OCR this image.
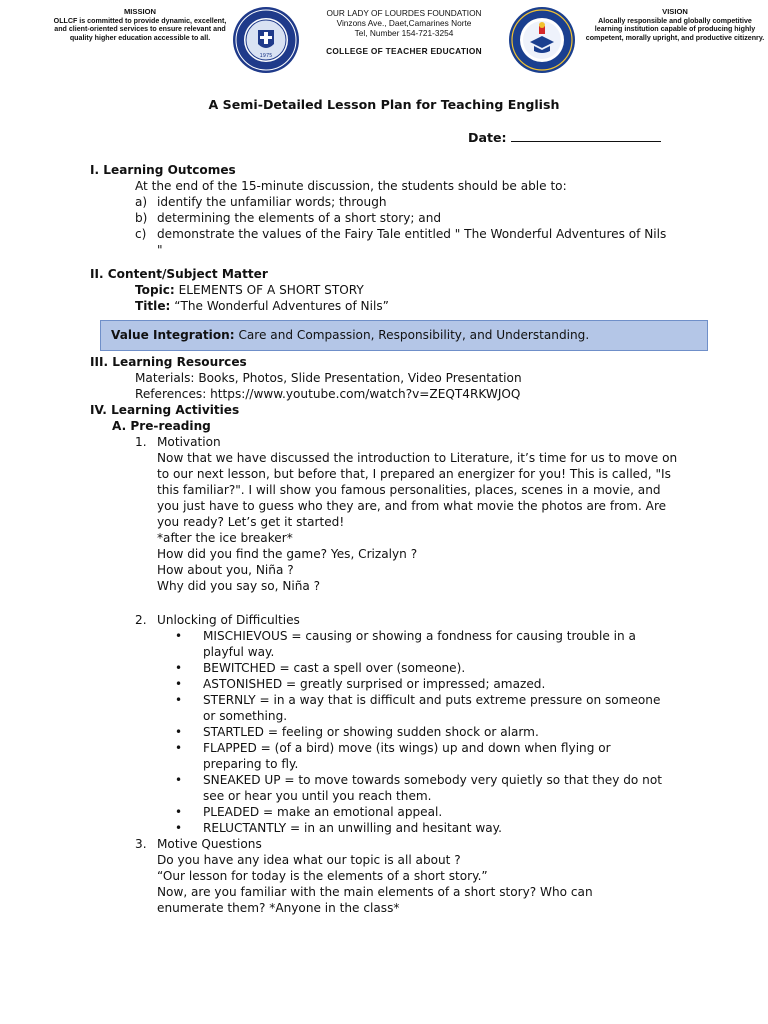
MISSION
OLLCF is committed to provide dynamic, excellent, and client-oriented services to ensure relevant and quality higher education accessible to all.
1975
OUR LADY OF LOURDES FOUNDATION
Vinzons Ave., Daet,Camarines Norte
Tel, Number 154-721-3254
COLLEGE OF TEACHER EDUCATION
VISION
Alocally responsible and globally competitive learning institution capable of producing highly competent, morally upright, and productive citizenry.
A Semi-Detailed Lesson Plan for Teaching English
Date:
I. Learning Outcomes
At the end of the 15-minute discussion, the students should be able to:
a) identify the unfamiliar words; through
b) determining the elements of a short story; and
c) demonstrate the values of the Fairy Tale entitled " The Wonderful Adventures of Nils "
II. Content/Subject Matter
Topic: ELEMENTS OF A SHORT STORY
Title: “The Wonderful Adventures of Nils”
Value Integration: Care and Compassion, Responsibility, and Understanding.
III. Learning Resources
Materials: Books, Photos, Slide Presentation, Video Presentation
References: https://www.youtube.com/watch?v=ZEQT4RKWJOQ
IV. Learning Activities
A. Pre-reading
1. Motivation
Now that we have discussed the introduction to Literature, it’s time for us to move on to our next lesson, but before that, I prepared an energizer for you! This is called, "Is this familiar?". I will show you famous personalities, places, scenes in a movie, and you just have to guess who they are, and from what movie the photos are from. Are you ready? Let’s get it started!
*after the ice breaker*
How did you find the game? Yes, Crizalyn ?
How about you, Niña ?
Why did you say so, Niña ?
2. Unlocking of Difficulties
•	MISCHIEVOUS = causing or showing a fondness for causing trouble in a playful way.
•	BEWITCHED = cast a spell over (someone).
•	ASTONISHED = greatly surprised or impressed; amazed.
•	STERNLY = in a way that is difficult and puts extreme pressure on someone or something.
•	STARTLED = feeling or showing sudden shock or alarm.
•	FLAPPED = (of a bird) move (its wings) up and down when flying or preparing to fly.
•	SNEAKED UP = to move towards somebody very quietly so that they do not see or hear you until you reach them.
•	PLEADED = make an emotional appeal.
•	RELUCTANTLY = in an unwilling and hesitant way.
3. Motive Questions
Do you have any idea what our topic is all about ?
“Our lesson for today is the elements of a short story.”
Now, are you familiar with the main elements of a short story? Who can enumerate them? *Anyone in the class*
